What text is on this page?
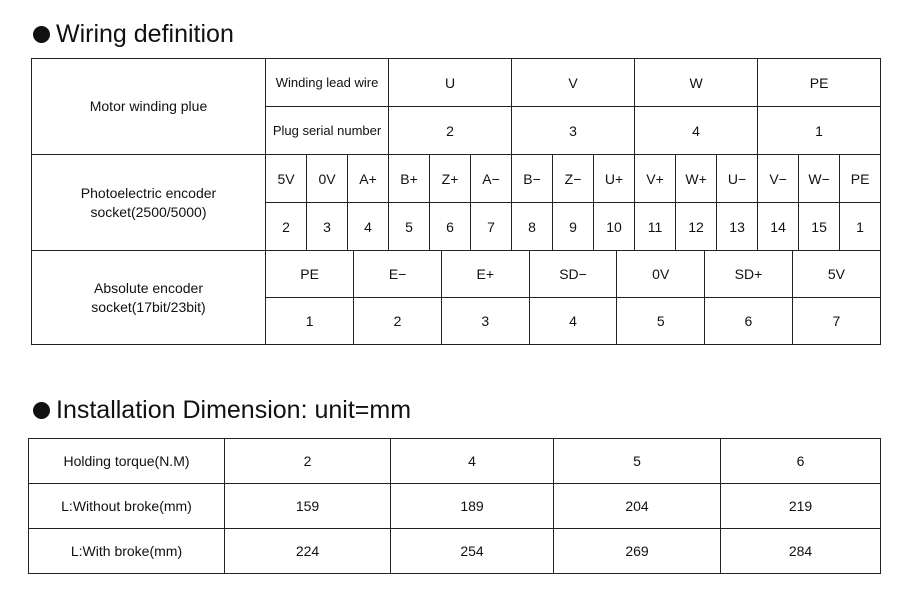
Wiring definition
Motor winding plue	Winding lead wire	U	V	W	PE
Plug serial number	2	3	4	1
Photoelectric encoder
socket(2500/5000)	5V	0V	A+	B+	Z+	A−	B−	Z−	U+	V+	W+	U−	V−	W−	PE
2	3	4	5	6	7	8	9	10	11	12	13	14	15	1
Absolute encoder
socket(17bit/23bit)	
PE	E−	E+	SD−	0V	SD+	5V

1	2	3	4	5	6	7
Installation Dimension: unit=mm
Holding torque(N.M)	2	4	5	6
L:Without broke(mm)	159	189	204	219
L:With broke(mm)	224	254	269	284
